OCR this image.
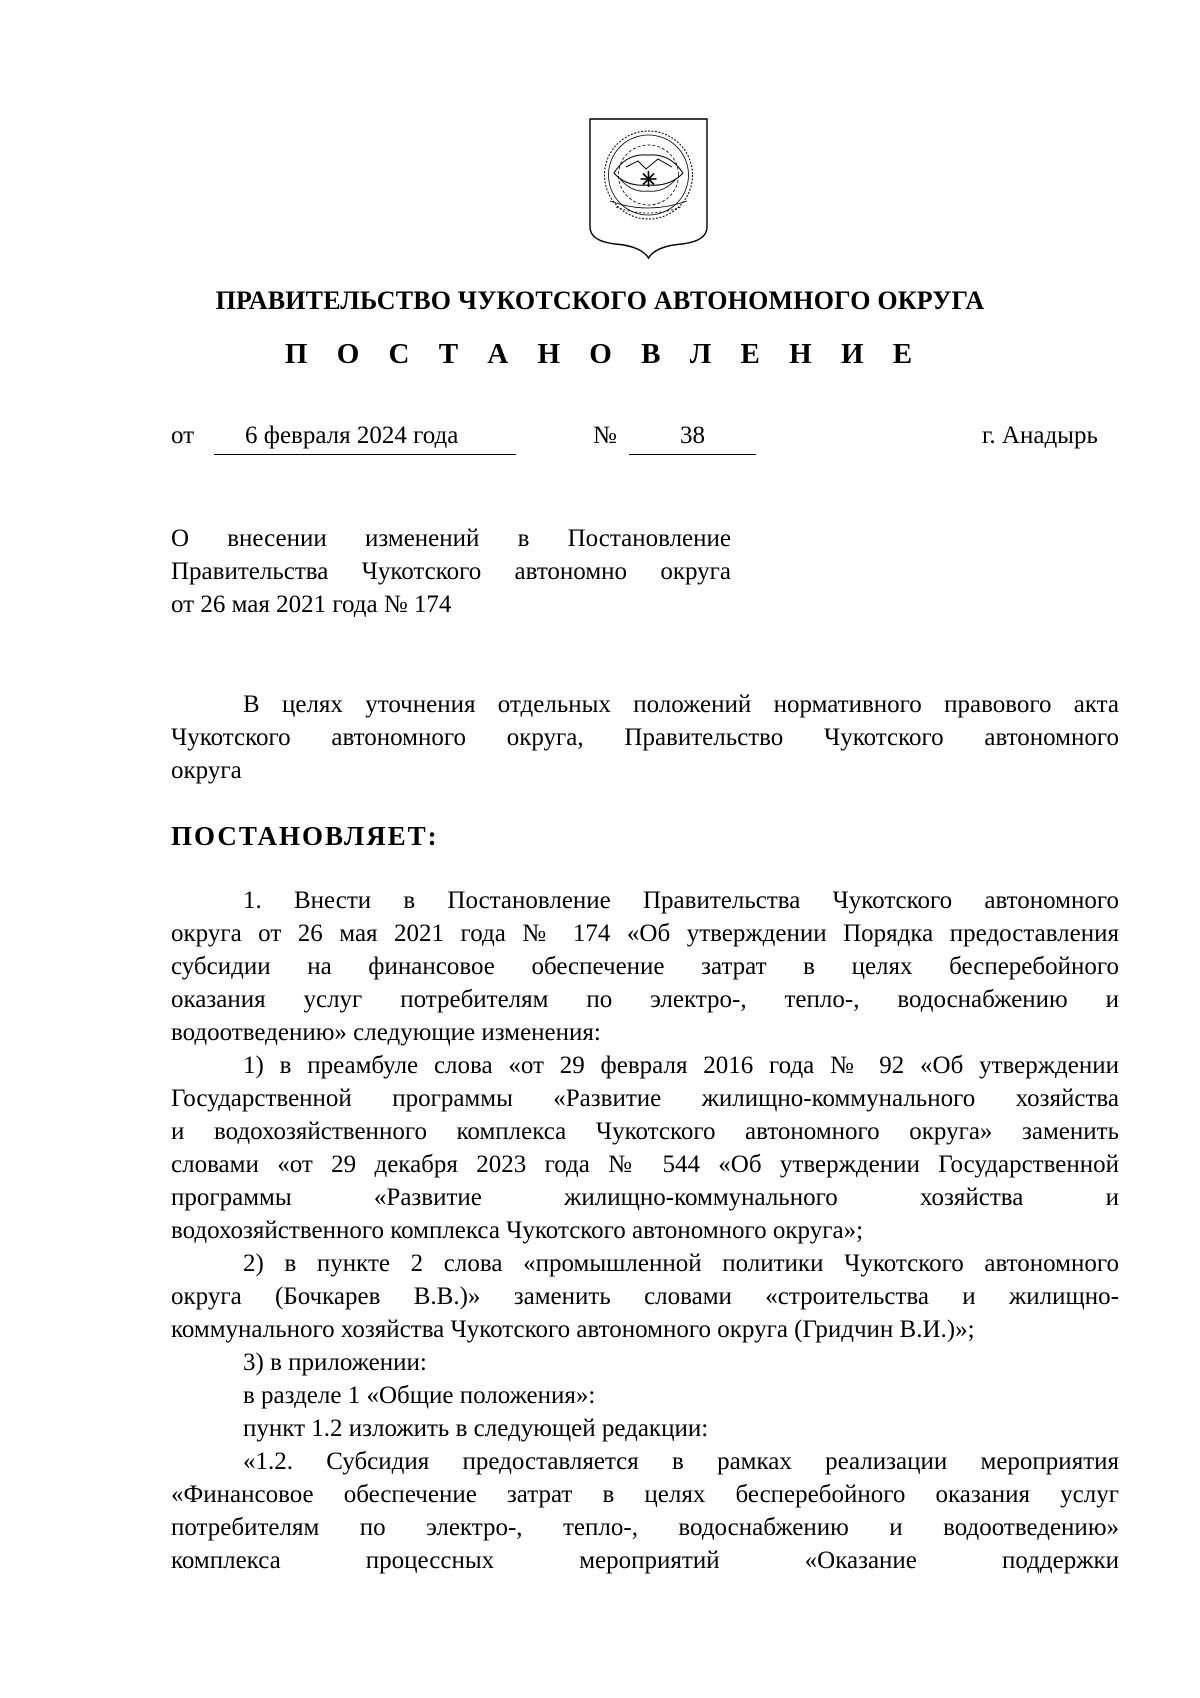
ПРАВИТЕЛЬСТВО ЧУКОТСКОГО АВТОНОМНОГО ОКРУГА
П О С Т А Н О В Л Е Н И Е
от 6 февраля 2024 года	№	38	г. Анадырь
О внесении изменений в Постановление
Правительства Чукотского автономно округа
от 26 мая 2021 года № 174
В целях уточнения отдельных положений нормативного правового акта
Чукотского автономного округа, Правительство Чукотского автономного
округа
ПОСТАНОВЛЯЕТ:
1. Внести в Постановление Правительства Чукотского автономного
округа от 26 мая 2021 года № 174 «Об утверждении Порядка предоставления
субсидии на финансовое обеспечение затрат в целях бесперебойного
оказания услуг потребителям по электро-, тепло-, водоснабжению и
водоотведению» следующие изменения:
1) в преамбуле слова «от 29 февраля 2016 года № 92 «Об утверждении
Государственной программы «Развитие жилищно-коммунального хозяйства
и водохозяйственного комплекса Чукотского автономного округа» заменить
словами «от 29 декабря 2023 года № 544 «Об утверждении Государственной
программы «Развитие жилищно-коммунального хозяйства и
водохозяйственного комплекса Чукотского автономного округа»;
2) в пункте 2 слова «промышленной политики Чукотского автономного
округа (Бочкарев В.В.)» заменить словами «строительства и жилищно-
коммунального хозяйства Чукотского автономного округа (Гридчин В.И.)»;
3) в приложении:
в разделе 1 «Общие положения»:
пункт 1.2 изложить в следующей редакции:
«1.2. Субсидия предоставляется в рамках реализации мероприятия
«Финансовое обеспечение затрат в целях бесперебойного оказания услуг
потребителям по электро-, тепло-, водоснабжению и водоотведению»
комплекса процессных мероприятий «Оказание поддержки
